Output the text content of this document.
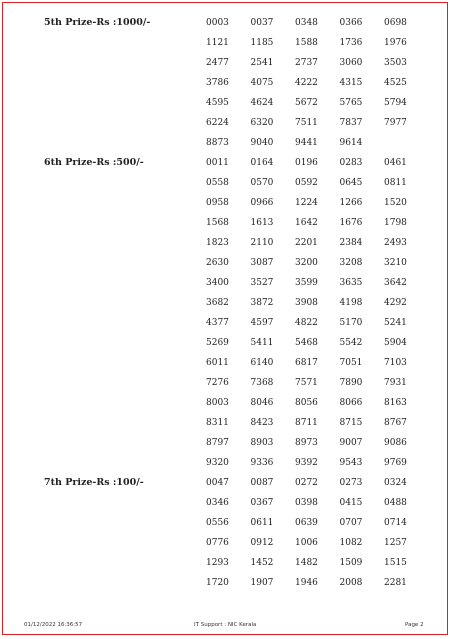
5th Prize-Rs :1000/-	0003	0037	0348	0366	0698
1121	1185	1588	1736	1976
2477	2541	2737	3060	3503
3786	4075	4222	4315	4525
4595	4624	5672	5765	5794
6224	6320	7511	7837	7977
8873	9040	9441	9614
6th Prize-Rs :500/-	0011	0164	0196	0283	0461
0558	0570	0592	0645	0811
0958	0966	1224	1266	1520
1568	1613	1642	1676	1798
1823	2110	2201	2384	2493
2630	3087	3200	3208	3210
3400	3527	3599	3635	3642
3682	3872	3908	4198	4292
4377	4597	4822	5170	5241
5269	5411	5468	5542	5904
6011	6140	6817	7051	7103
7276	7368	7571	7890	7931
8003	8046	8056	8066	8163
8311	8423	8711	8715	8767
8797	8903	8973	9007	9086
9320	9336	9392	9543	9769
7th Prize-Rs :100/-	0047	0087	0272	0273	0324
0346	0367	0398	0415	0488
0556	0611	0639	0707	0714
0776	0912	1006	1082	1257
1293	1452	1482	1509	1515
1720	1907	1946	2008	2281
01/12/2022 16:36:57	IT Support : NIC Kerala	Page 2
